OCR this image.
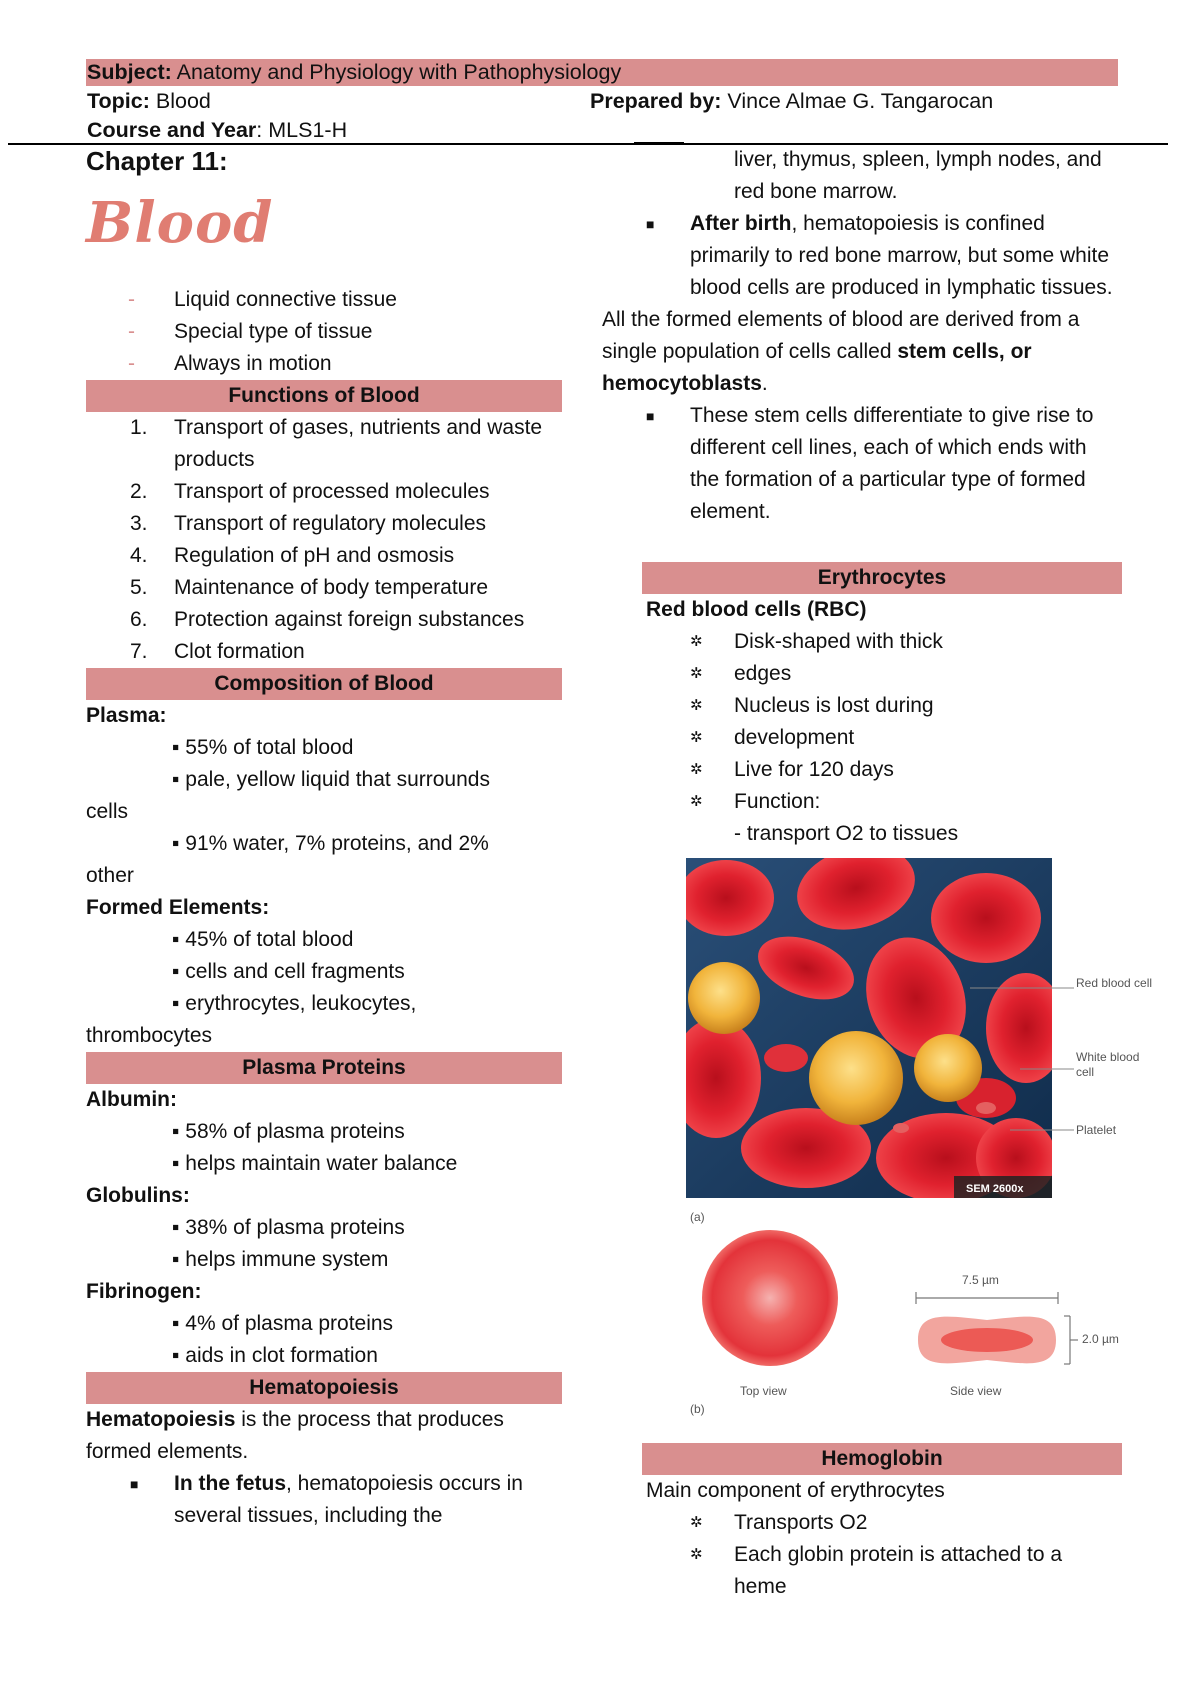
Subject: Anatomy and Physiology with Pathophysiology
Topic: Blood	Prepared by: Vince Almae G. Tangarocan
Course and Year: MLS1-H
Chapter 11:
Blood
- Liquid connective tissue
- Special type of tissue
- Always in motion
Functions of Blood
1.	Transport of gases, nutrients and waste products
2.	Transport of processed molecules
3.	Transport of regulatory molecules
4.	Regulation of pH and osmosis
5.	Maintenance of body temperature
6.	Protection against foreign substances
7.	Clot formation
Composition of Blood
Plasma:
▪ 55% of total blood
▪ pale, yellow liquid that surrounds
cells
▪ 91% water, 7% proteins, and 2%
other
Formed Elements:
▪ 45% of total blood
▪ cells and cell fragments
▪ erythrocytes, leukocytes,
thrombocytes
Plasma Proteins
Albumin:
▪ 58% of plasma proteins
▪ helps maintain water balance
Globulins:
▪ 38% of plasma proteins
▪ helps immune system
Fibrinogen:
▪ 4% of plasma proteins
▪ aids in clot formation
Hematopoiesis
Hematopoiesis is the process that produces formed elements.
■	In the fetus, hematopoiesis occurs in several tissues, including the
liver, thymus, spleen, lymph nodes, and red bone marrow.
■	After birth, hematopoiesis is confined primarily to red bone marrow, but some white blood cells are produced in lymphatic tissues.
All the formed elements of blood are derived from a single population of cells called stem cells, or hemocytoblasts.
■	These stem cells differentiate to give rise to different cell lines, each of which ends with the formation of a particular type of formed element.
Erythrocytes
Red blood cells (RBC)
✲	Disk-shaped with thick
✲	edges
✲	Nucleus is lost during
✲	development
✲	Live for 120 days
✲	Function:
- transport O2 to tissues
SEM 2600x
Red blood cell
White blood cell
Platelet
(a)
Top view
7.5 µm
2.0 µm
Side view
(b)
Hemoglobin
Main component of erythrocytes
✲	Transports O2
✲	Each globin protein is attached to a heme
